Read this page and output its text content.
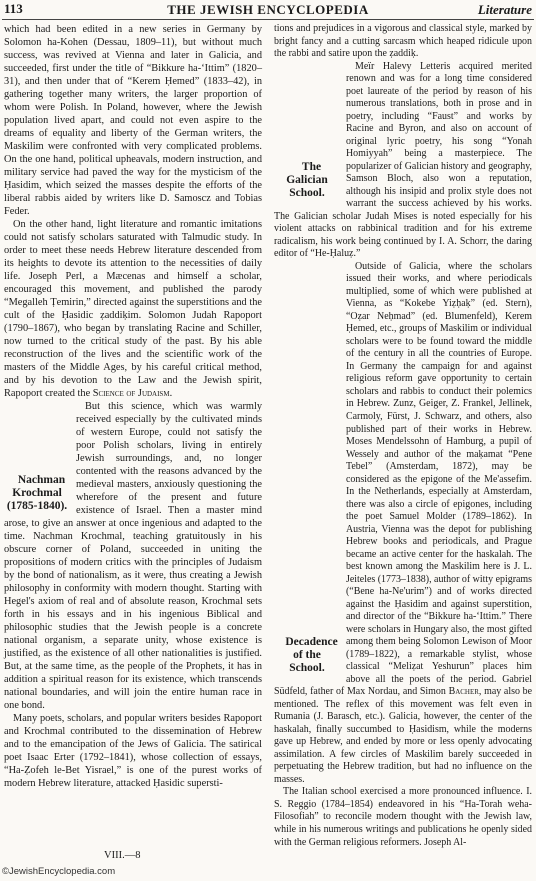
113	THE JEWISH ENCYCLOPEDIA	Literature

which had been edited in a new series in Germany by Solomon ha-Kohen (Dessau, 1809–11), but without much success, was revived at Vienna and later in Galicia, and succeeded, first under the title of “Bikkure ha-‘Ittim” (1820–31), and then under that of “Kerem Ḥemed” (1833–42), in gathering together many writers, the larger proportion of whom were Polish. In Poland, however, where the Jewish population lived apart, and could not even aspire to the dreams of equality and liberty of the German writers, the Maskilim were confronted with very complicated problems. On the one hand, political upheavals, modern instruction, and military service had paved the way for the mysticism of the Ḥasidim, which seized the masses despite the efforts of the liberal rabbis aided by writers like D. Samoscz and Tobias Feder.

On the other hand, light literature and romantic imitations could not satisfy scholars saturated with Talmudic study. In order to meet these needs Hebrew literature descended from its heights to devote its attention to the necessities of daily life. Joseph Perl, a Mæcenas and himself a scholar, encouraged this movement, and published the parody “Megalleh Ṭemirin,” directed against the superstitions and the cult of the Ḥasidic ẓaddiḳim. Solomon Judah Rapoport (1790–1867), who began by translating Racine and Schiller, now turned to the critical study of the past. By his able reconstruction of the lives and the scientific work of the masters of the Middle Ages, by his careful critical method, and by his devotion to the Law and the Jewish spirit, Rapoport created the Science of Judaism.

Nachman Krochmal (1785-1840).
But this science, which was warmly received especially by the cultivated minds of western Europe, could not satisfy the poor Polish scholars, living in entirely Jewish surroundings, and, no longer contented with the reasons advanced by the medieval masters, anxiously questioning the wherefore of the present and future existence of Israel. Then a master mind arose, to give an answer at once ingenious and adapted to the time. Nachman Krochmal, teaching gratuitously in his obscure corner of Poland, succeeded in uniting the propositions of modern critics with the principles of Judaism by the bond of nationalism, as it were, thus creating a Jewish philosophy in conformity with modern thought. Starting with Hegel's axiom of real and of absolute reason, Krochmal sets forth in his essays and in his ingenious Biblical and philosophic studies that the Jewish people is a concrete national organism, a separate unity, whose existence is justified, as the existence of all other nationalities is justified. But, at the same time, as the people of the Prophets, it has in addition a spiritual reason for its existence, which transcends national boundaries, and will join the entire human race in one bond.

Many poets, scholars, and popular writers besides Rapoport and Krochmal contributed to the dissemination of Hebrew and to the emancipation of the Jews of Galicia. The satirical poet Isaac Erter (1792–1841), whose collection of essays, “Ha-Ẓofeh le-Bet Yisrael,” is one of the purest works of modern Hebrew literature, attacked Ḥasidic supersti-

VIII.—8

tions and prejudices in a vigorous and classical style, marked by bright fancy and a cutting sarcasm which heaped ridicule upon the rabbi and satire upon the ẓaddiḳ.

The Galician School.
Meïr Halevy Letteris acquired merited renown and was for a long time considered poet laureate of the period by reason of his numerous translations, both in prose and in poetry, including “Faust” and works by Racine and Byron, and also on account of original lyric poetry, his song “Yonah Homiyyah” being a masterpiece. The popularizer of Galician history and geography, Samson Bloch, also won a reputation, although his insipid and prolix style does not warrant the success achieved by his works. The Galician scholar Judah Mises is noted especially for his violent attacks on rabbinical tradition and for his extreme radicalism, his work being continued by I. A. Schorr, the daring editor of “He-Ḥaluẓ.”

Decadence of the School.
Outside of Galicia, where the scholars issued their works, and where periodicals multiplied, some of which were published at Vienna, as “Kokebe Yiẓḥaḳ” (ed. Stern), “Oẓar Neḥmad” (ed. Blumenfeld), Kerem Ḥemed, etc., groups of Maskilim or individual scholars were to be found toward the middle of the century in all the countries of Europe. In Germany the campaign for and against religious reform gave opportunity to certain scholars and rabbis to conduct their polemics in Hebrew. Zunz, Geiger, Z. Frankel, Jellinek, Carmoly, Fürst, J. Schwarz, and others, also published part of their works in Hebrew. Moses Mendelssohn of Hamburg, a pupil of Wessely and author of the maḳamat “Pene Tebel” (Amsterdam, 1872), may be considered as the epigone of the Me'assefim. In the Netherlands, especially at Amsterdam, there was also a circle of epigones, including the poet Samuel Molder (1789–1862). In Austria, Vienna was the depot for publishing Hebrew books and periodicals, and Prague became an active center for the haskalah. The best known among the Maskilim here is J. L. Jeiteles (1773–1838), author of witty epigrams (“Bene ha-Ne'urim”) and of works directed against the Ḥasidim and against superstition, and director of the “Bikkure ha-‘Ittim.” There were scholars in Hungary also, the most gifted among them being Solomon Lewison of Moor (1789–1822), a remarkable stylist, whose classical “Meliẓat Yeshurun” places him above all the poets of the period. Gabriel Südfeld, father of Max Nordau, and Simon Bacher, may also be mentioned. The reflex of this movement was felt even in Rumania (J. Barasch, etc.). Galicia, however, the center of the haskalah, finally succumbed to Ḥasidism, while the moderns gave up Hebrew, and ended by more or less openly advocating assimilation. A few circles of Maskilim barely succeeded in perpetuating the Hebrew tradition, but had no influence on the masses.

The Italian school exercised a more pronounced influence. I. S. Reggio (1784–1854) endeavored in his “Ha-Torah weha-Filosofiah” to reconcile modern thought with the Jewish law, while in his numerous writings and publications he openly sided with the German religious reformers. Joseph Al-

©JewishEncyclopedia.com
